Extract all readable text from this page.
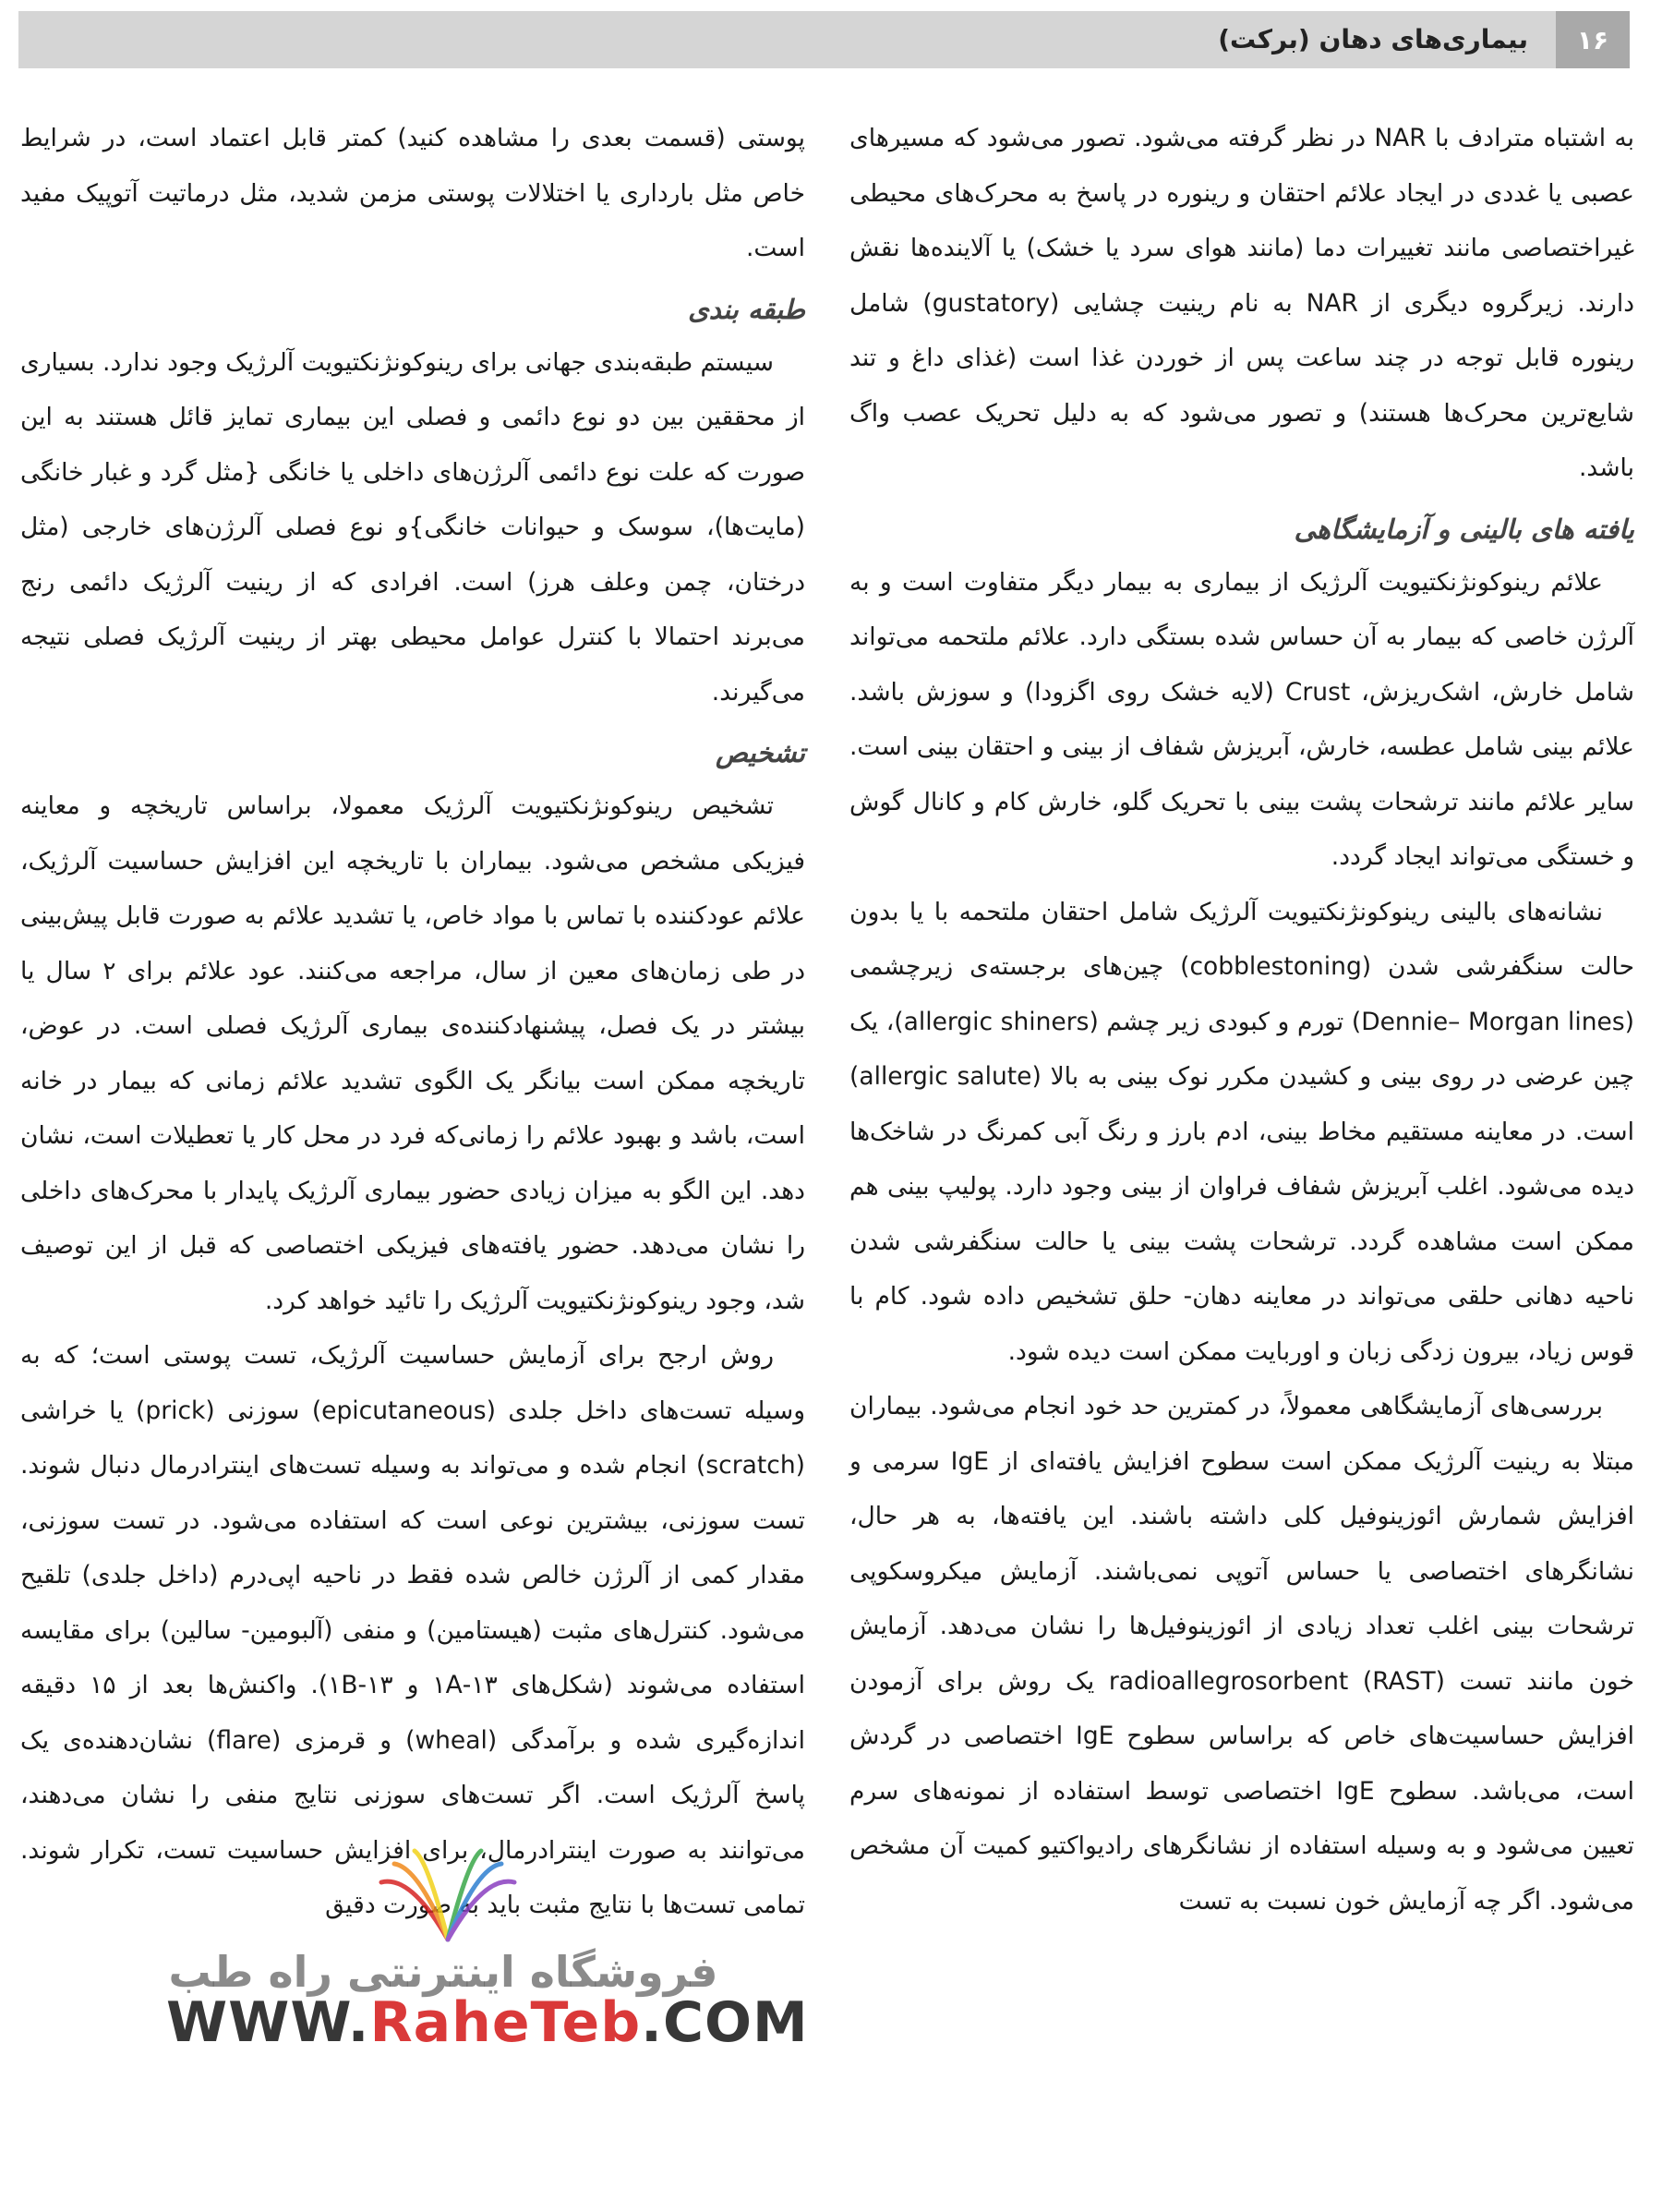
۱۶
بیماری‌های دهان (برکت)

به اشتباه مترادف با NAR در نظر گرفته می‌شود. تصور می‌شود که مسیرهای عصبی یا غددی در ایجاد علائم احتقان و رینوره در پاسخ به محرک‌های محیطی غیراختصاصی مانند تغییرات دما (مانند هوای سرد یا خشک) یا آلاینده‌ها نقش دارند. زیرگروه دیگری از NAR به نام رینیت چشایی (gustatory) شامل رینوره قابل توجه در چند ساعت پس از خوردن غذا است (غذای داغ و تند شایع‌ترین محرک‌ها هستند) و تصور می‌شود که به دلیل تحریک عصب واگ باشد.

یافته‌ های بالینی و آزمایشگاهی

علائم رینوکونژنکتیویت آلرژیک از بیماری به بیمار دیگر متفاوت است و به آلرژن خاصی که بیمار به آن حساس شده بستگی دارد. علائم ملتحمه می‌تواند شامل خارش، اشک‌ریزش، Crust (لایه خشک روی اگزودا) و سوزش باشد. علائم بینی شامل عطسه، خارش، آبریزش شفاف از بینی و احتقان بینی است. سایر علائم مانند ترشحات پشت بینی با تحریک گلو، خارش کام و کانال گوش و خستگی می‌تواند ایجاد گردد.

نشانه‌های بالینی رینوکونژنکتیویت آلرژیک شامل احتقان ملتحمه با یا بدون حالت سنگفرشی شدن (cobblestoning) چین‌های برجسته‌ی زیرچشمی (Dennie– Morgan lines) تورم و کبودی زیر چشم (allergic shiners)، یک چین عرضی در روی بینی و کشیدن مکرر نوک بینی به بالا (allergic salute) است. در معاینه مستقیم مخاط بینی، ادم بارز و رنگ آبی کمرنگ در شاخک‌ها دیده می‌شود. اغلب آبریزش شفاف فراوان از بینی وجود دارد. پولیپ بینی هم ممکن است مشاهده گردد. ترشحات پشت بینی یا حالت سنگفرشی شدن ناحیه دهانی حلقی می‌تواند در معاینه دهان- حلق تشخیص داده شود. کام با قوس زیاد، بیرون زدگی زبان و اوربایت ممکن است دیده شود.

بررسی‌های آزمایشگاهی معمولاً، در کمترین حد خود انجام می‌شود. بیماران مبتلا به رینیت آلرژیک ممکن است سطوح افزایش یافته‌ای از IgE سرمی و افزایش شمارش ائوزینوفیل کلی داشته باشند. این یافته‌ها، به هر حال، نشانگرهای اختصاصی یا حساس آتوپی نمی‌باشند. آزمایش میکروسکوپی ترشحات بینی اغلب تعداد زیادی از ائوزینوفیل‌ها را نشان می‌دهد. آزمایش خون مانند تست radioallegrosorbent (RAST) یک روش برای آزمودن افزایش حساسیت‌های خاص که براساس سطوح IgE اختصاصی در گردش است، می‌باشد. سطوح IgE اختصاصی توسط استفاده از نمونه‌های سرم تعیین می‌شود و به وسیله استفاده از نشانگرهای رادیواکتیو کمیت آن مشخص می‌شود. اگر چه آزمایش خون نسبت به تست

پوستی (قسمت بعدی را مشاهده کنید) کمتر قابل اعتماد است، در شرایط خاص مثل بارداری یا اختلالات پوستی مزمن شدید، مثل درماتیت آتوپیک مفید است.

طبقه‌ بندی

سیستم طبقه‌بندی جهانی برای رینوکونژنکتیویت آلرژیک وجود ندارد. بسیاری از محققین بین دو نوع دائمی و فصلی این بیماری تمایز قائل هستند به این صورت که علت نوع دائمی آلرژن‌های داخلی یا خانگی {مثل گرد و غبار خانگی (مایت‌ها)، سوسک و حیوانات خانگی}و نوع فصلی آلرژن‌های خارجی (مثل درختان، چمن وعلف هرز) است. افرادی که از رینیت آلرژیک دائمی رنج می‌برند احتمالا با کنترل عوامل محیطی بهتر از رینیت آلرژیک فصلی نتیجه می‌گیرند.

تشخیص

تشخیص رینوکونژنکتیویت آلرژیک معمولا، براساس تاریخچه و معاینه فیزیکی مشخص می‌شود. بیماران با تاریخچه این افزایش حساسیت آلرژیک، علائم عودکننده با تماس با مواد خاص، یا تشدید علائم به صورت قابل پیش‌بینی در طی زمان‌های معین از سال، مراجعه می‌کنند. عود علائم برای ۲ سال یا بیشتر در یک فصل، پیشنهادکننده‌ی بیماری آلرژیک فصلی است. در عوض، تاریخچه ممکن است بیانگر یک الگوی تشدید علائم زمانی که بیمار در خانه است، باشد و بهبود علائم را زمانی‌که فرد در محل کار یا تعطیلات است، نشان دهد. این الگو به میزان زیادی حضور بیماری آلرژیک پایدار با محرک‌های داخلی را نشان می‌دهد. حضور یافته‌های فیزیکی اختصاصی که قبل از این توصیف شد، وجود رینوکونژنکتیویت آلرژیک را تائید خواهد کرد.

روش ارجح برای آزمایش حساسیت آلرژیک، تست پوستی است؛ که به وسیله تست‌های داخل جلدی (epicutaneous) سوزنی (prick) یا خراشی (scratch) انجام شده و می‌تواند به وسیله تست‌های اینترادرمال دنبال شوند. تست سوزنی، بیشترین نوعی است که استفاده می‌شود. در تست سوزنی، مقدار کمی از آلرژن خالص شده فقط در ناحیه اپی‌درم (داخل جلدی) تلقیح می‌شود. کنترل‌های مثبت (هیستامین) و منفی (آلبومین- سالین) برای مقایسه استفاده می‌شوند (شکل‌های ۱۳-۱A و ۱۳-۱B). واکنش‌ها بعد از ۱۵ دقیقه اندازه‌گیری شده و برآمدگی (wheal) و قرمزی (flare) نشان‌دهنده‌ی یک پاسخ آلرژیک است. اگر تست‌های سوزنی نتایج منفی را نشان می‌دهند، می‌توانند به صورت اینترادرمال، برای افزایش حساسیت تست، تکرار شوند. تمامی تست‌ها با نتایج مثبت باید به صورت دقیق

فروشگاه اینترنتی راه طب
WWW.RaheTeb.COM
